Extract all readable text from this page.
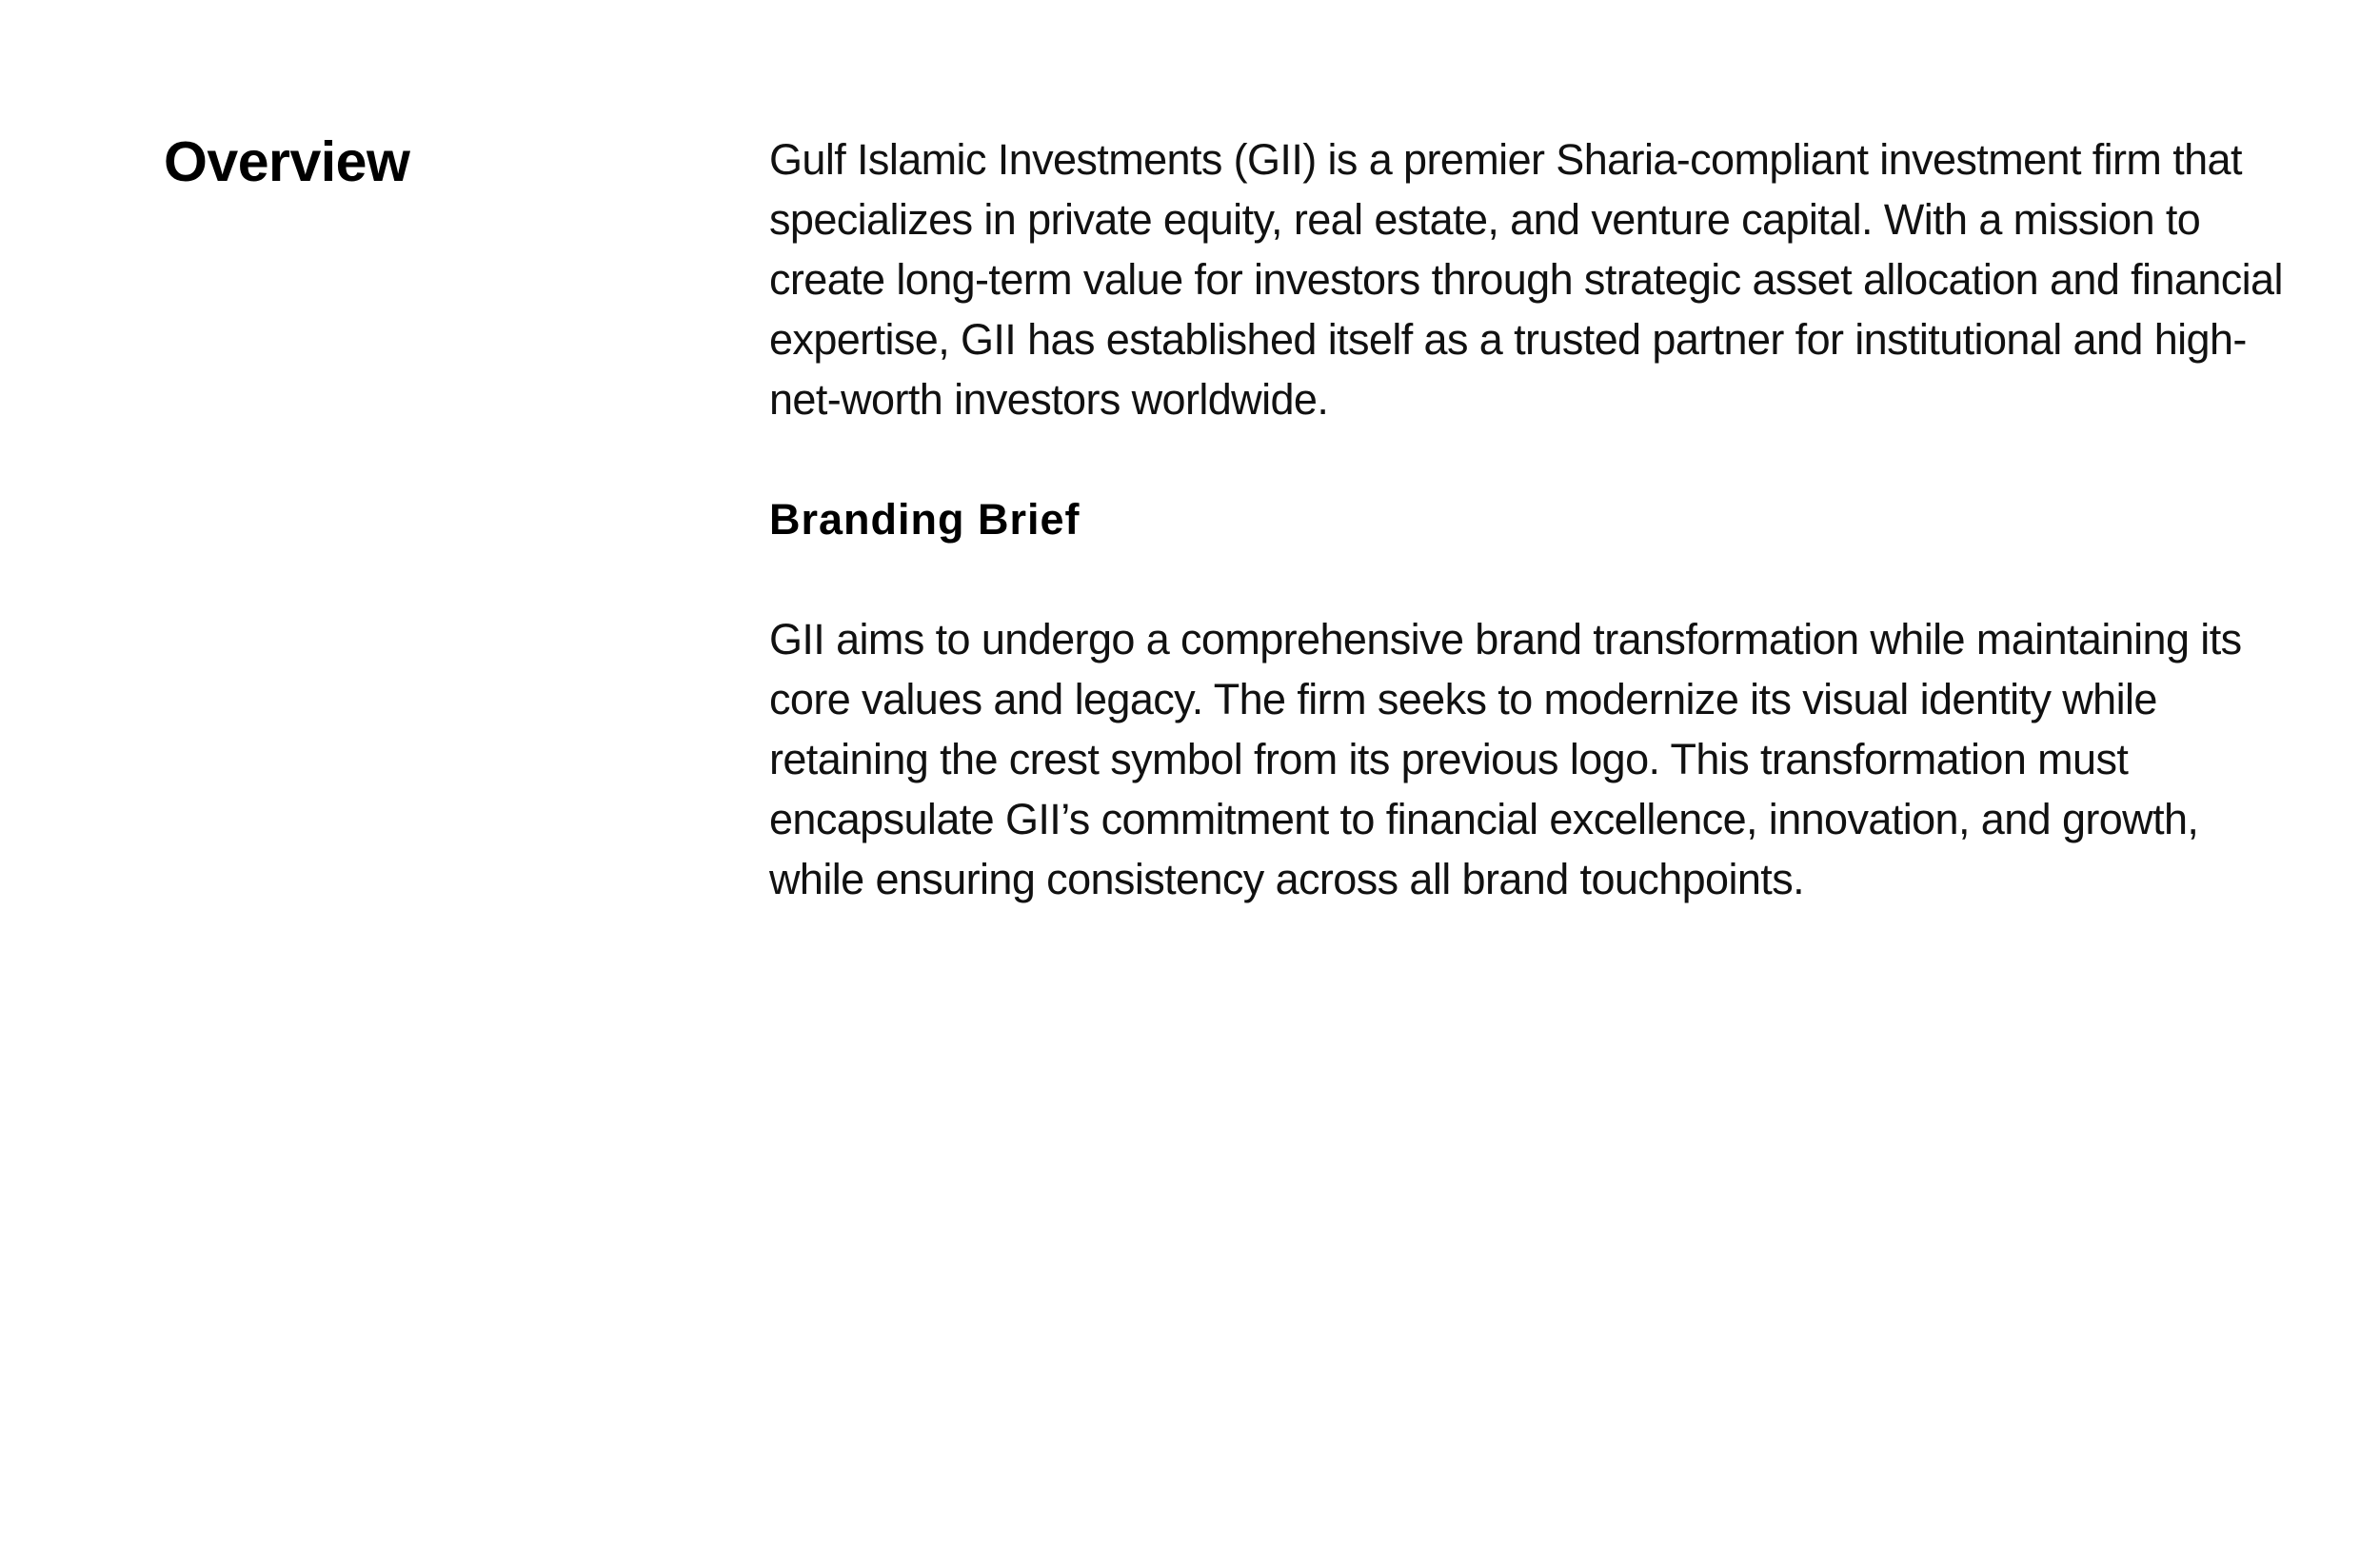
Overview	Gulf Islamic Investments (GII) is a premier Sharia-compliant investment firm that specializes in private equity, real estate, and venture capital. With a mission to create long-term value for investors through strategic asset allocation and financial expertise, GII has established itself as a trusted partner for institutional and high-net-worth investors worldwide.

Branding Brief

GII aims to undergo a comprehensive brand transformation while maintaining its core values and legacy. The firm seeks to modernize its visual identity while retaining the crest symbol from its previous logo. This transformation must encapsulate GII’s commitment to financial excellence, innovation, and growth, while ensuring consistency across all brand touchpoints.
